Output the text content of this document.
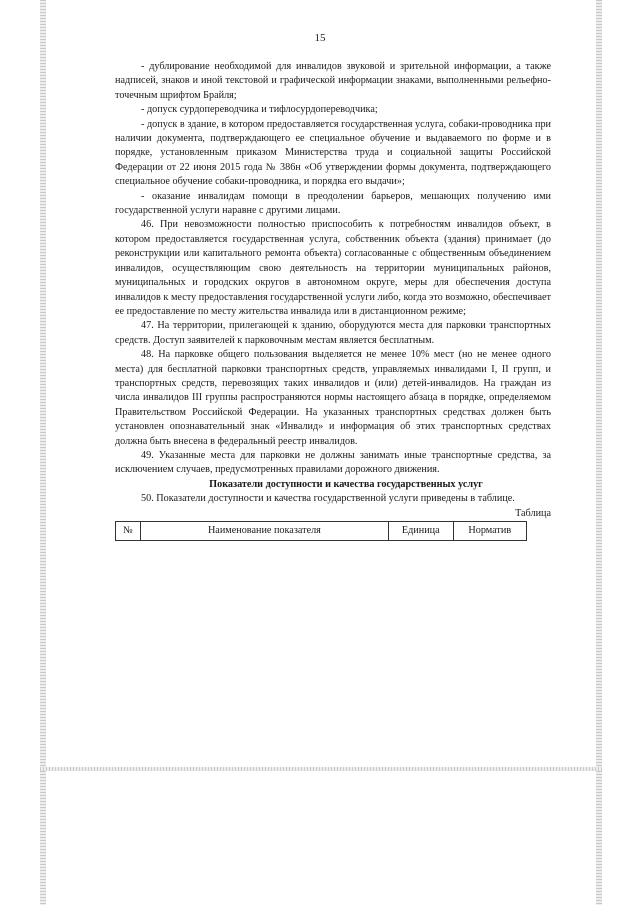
15

- дублирование необходимой для инвалидов звуковой и зрительной информации, а также надписей, знаков и иной текстовой и графической информации знаками, выполненными рельефно-точечным шрифтом Брайля;

- допуск сурдопереводчика и тифлосурдопереводчика;

- допуск в здание, в котором предоставляется государственная услуга, собаки-проводника при наличии документа, подтверждающего ее специальное обучение и выдаваемого по форме и в порядке, установленным приказом Министерства труда и социальной защиты Российской Федерации от 22 июня 2015 года № 386н «Об утверждении формы документа, подтверждающего специальное обучение собаки-проводника, и порядка его выдачи»;

- оказание инвалидам помощи в преодолении барьеров, мешающих получению ими государственной услуги наравне с другими лицами.

46. При невозможности полностью приспособить к потребностям инвалидов объект, в котором предоставляется государственная услуга, собственник объекта (здания) принимает (до реконструкции или капитального ремонта объекта) согласованные с общественным объединением инвалидов, осуществляющим свою деятельность на территории муниципальных районов, муниципальных и городских округов в автономном округе, меры для обеспечения доступа инвалидов к месту предоставления государственной услуги либо, когда это возможно, обеспечивает ее предоставление по месту жительства инвалида или в дистанционном режиме;

47. На территории, прилегающей к зданию, оборудуются места для парковки транспортных средств. Доступ заявителей к парковочным местам является бесплатным.

48. На парковке общего пользования выделяется не менее 10% мест (но не менее одного места) для бесплатной парковки транспортных средств, управляемых инвалидами I, II групп, и транспортных средств, перевозящих таких инвалидов и (или) детей-инвалидов. На граждан из числа инвалидов III группы распространяются нормы настоящего абзаца в порядке, определяемом Правительством Российской Федерации. На указанных транспортных средствах должен быть установлен опознавательный знак «Инвалид» и информация об этих транспортных средствах должна быть внесена в федеральный реестр инвалидов.

49. Указанные места для парковки не должны занимать иные транспортные средства, за исключением случаев, предусмотренных правилами дорожного движения.

Показатели доступности и качества государственных услуг

50. Показатели доступности и качества государственной услуги приведены в таблице.

Таблица

№	Наименование показателя	Единица	Норматив
